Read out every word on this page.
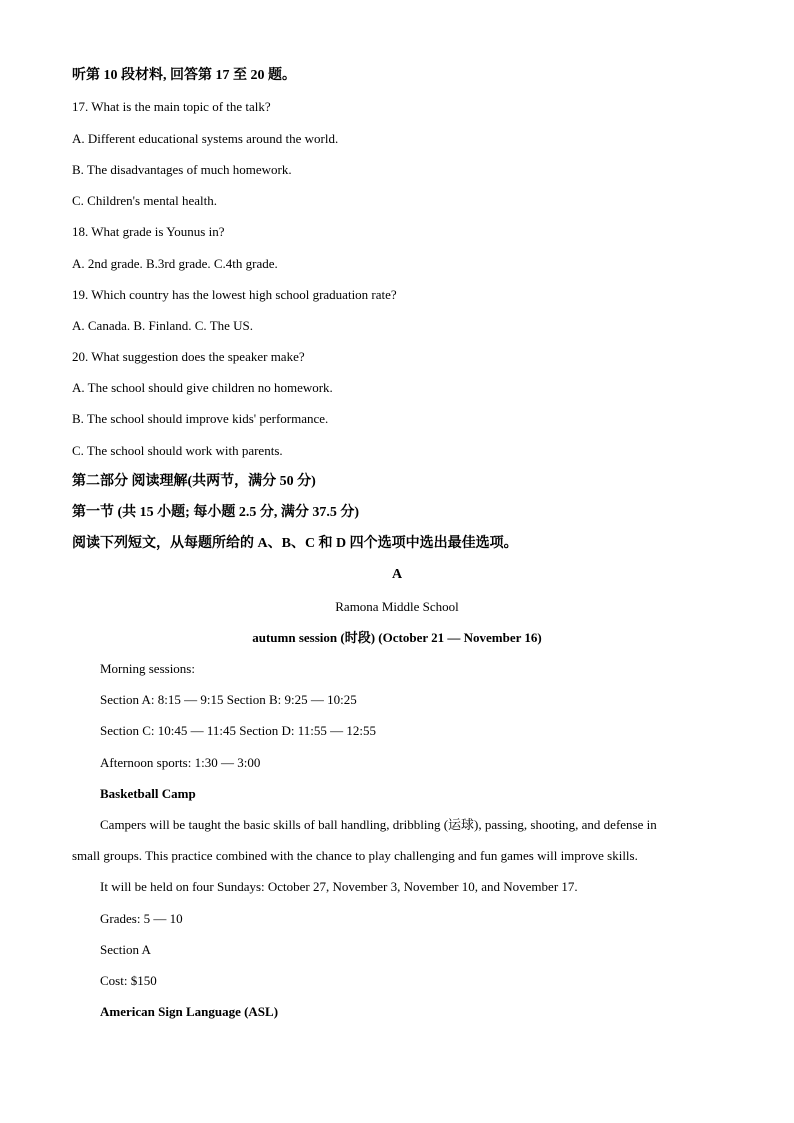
听第 10 段材料, 回答第 17 至 20 题。
17. What is the main topic of the talk?
A. Different educational systems around the world.
B. The disadvantages of much homework.
C. Children's mental health.
18. What grade is Younus in?
A. 2nd grade. B.3rd grade. C.4th grade.
19. Which country has the lowest high school graduation rate?
A. Canada. B. Finland. C. The US.
20. What suggestion does the speaker make?
A. The school should give children no homework.
B. The school should improve kids' performance.
C. The school should work with parents.
第二部分 阅读理解(共两节，满分 50 分)
第一节 (共 15 小题; 每小题 2.5 分, 满分 37.5 分)
阅读下列短文，从每题所给的 A、B、C 和 D 四个选项中选出最佳选项。
A
Ramona Middle School
autumn session (时段) (October 21 — November 16)
Morning sessions:
Section A: 8:15 — 9:15 Section B: 9:25 — 10:25
Section C: 10:45 — 11:45 Section D: 11:55 — 12:55
Afternoon sports: 1:30 — 3:00
Basketball Camp
Campers will be taught the basic skills of ball handling, dribbling (运球), passing, shooting, and defense in
small groups. This practice combined with the chance to play challenging and fun games will improve skills.
It will be held on four Sundays: October 27, November 3, November 10, and November 17.
Grades: 5 — 10
Section A
Cost: $150
American Sign Language (ASL)
